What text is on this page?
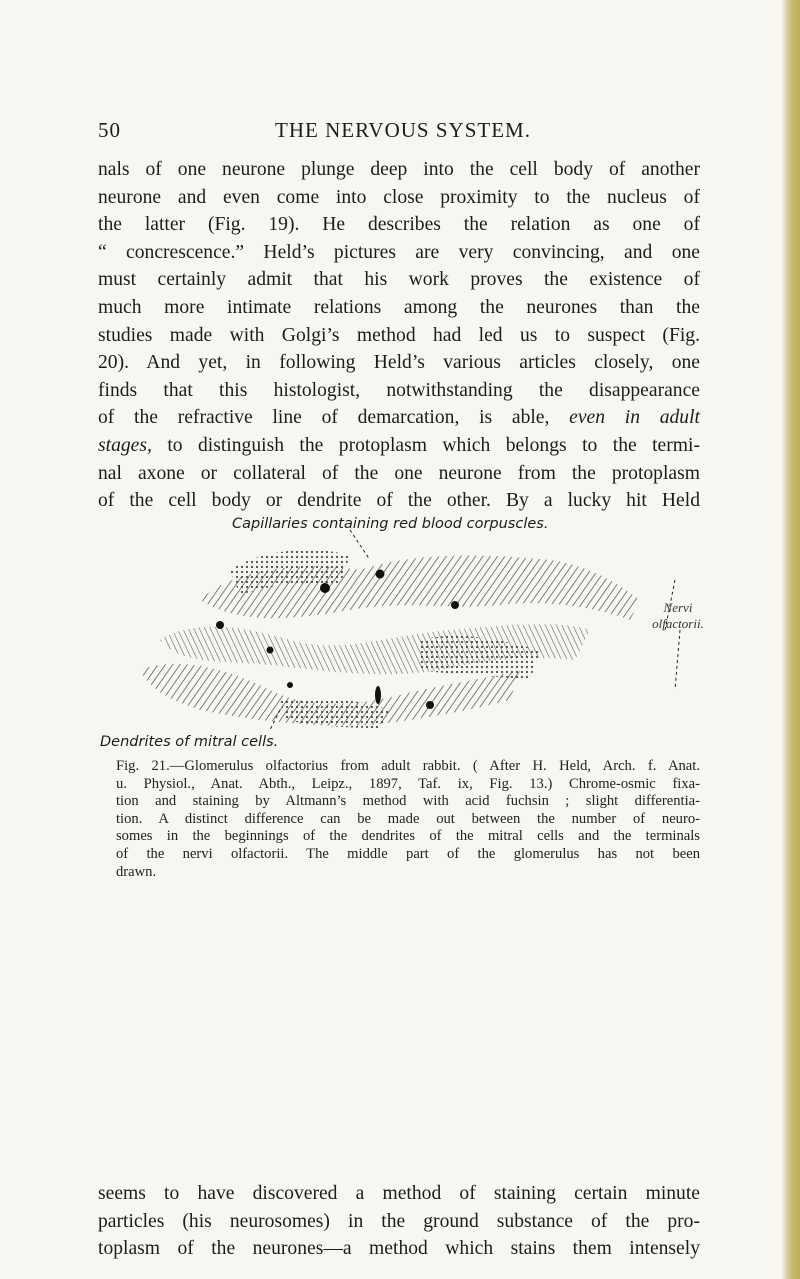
50	THE NERVOUS SYSTEM.
nals of one neurone plunge deep into the cell body of another
neurone and even come into close proximity to the nucleus of
the latter (Fig. 19). He describes the relation as one of
“ concrescence.” Held’s pictures are very convincing, and one
must certainly admit that his work proves the existence of
much more intimate relations among the neurones than the
studies made with Golgi’s method had led us to suspect (Fig.
20). And yet, in following Held’s various articles closely, one
finds that this histologist, notwithstanding the disappearance
of the refractive line of demarcation, is able, even in adult
stages, to distinguish the protoplasm which belongs to the termi-
nal axone or collateral of the one neurone from the protoplasm
of the cell body or dendrite of the other. By a lucky hit Held
Capillaries containing red blood corpuscles.
Nervi
olfactorii.
Dendrites of mitral cells.
Fig. 21.—Glomerulus olfactorius from adult rabbit. ( After H. Held, Arch. f. Anat.
u. Physiol., Anat. Abth., Leipz., 1897, Taf. ix, Fig. 13.) Chrome-osmic fixa-
tion and staining by Altmann’s method with acid fuchsin ; slight differentia-
tion. A distinct difference can be made out between the number of neuro-
somes in the beginnings of the dendrites of the mitral cells and the terminals
of the nervi olfactorii. The middle part of the glomerulus has not been
drawn.
seems to have discovered a method of staining certain minute
particles (his neurosomes) in the ground substance of the pro-
toplasm of the neurones—a method which stains them intensely
